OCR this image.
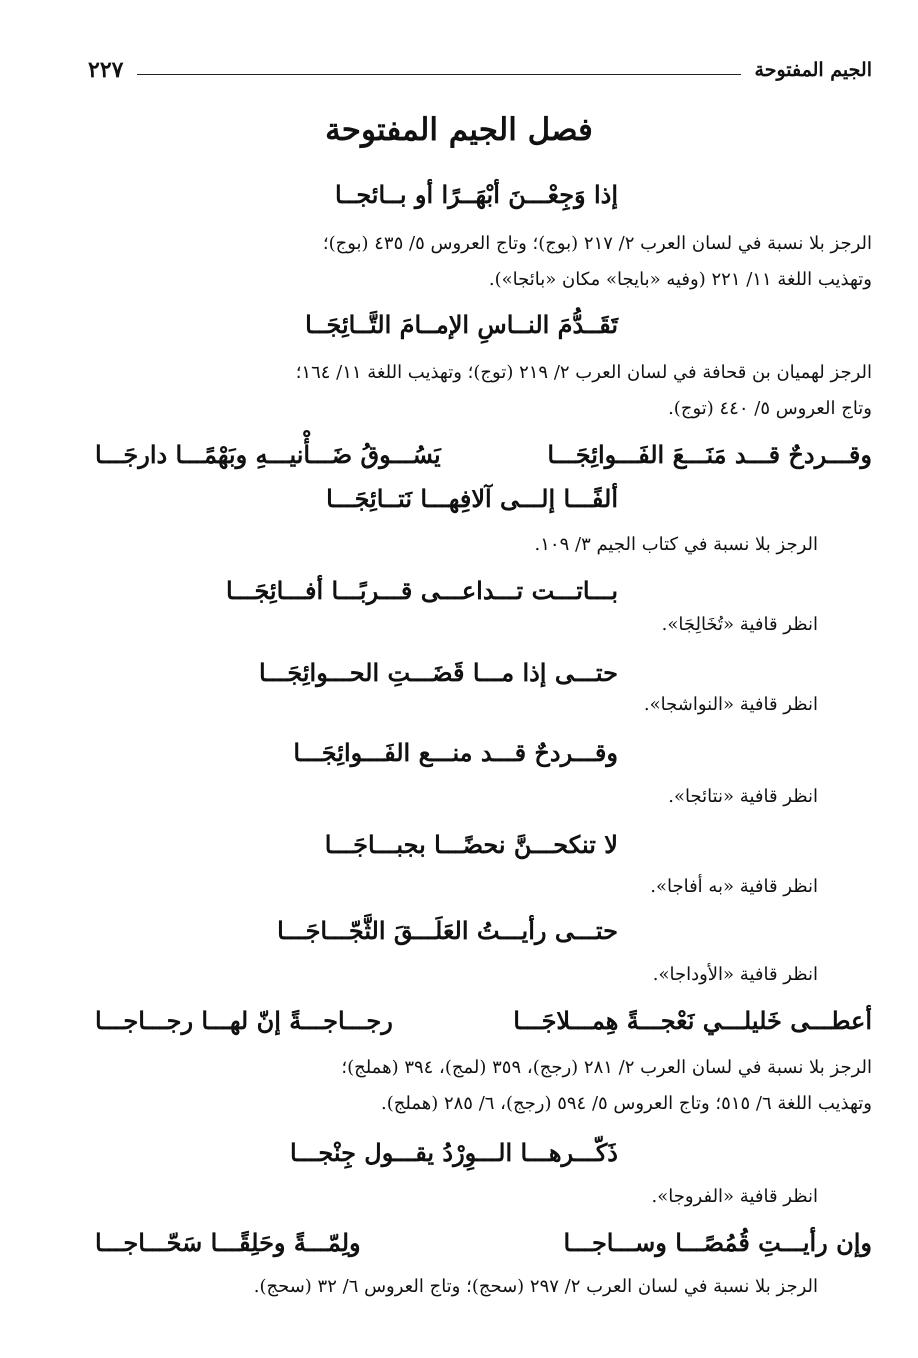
الجيم المفتوحة
٢٢٧
فصل الجيم المفتوحة
إذا وَجِعْـــنَ أبْهَــرًا أو بــائجــا
الرجز بلا نسبة في لسان العرب ٢/ ٢١٧ (بوج)؛ وتاج العروس ٥/ ٤٣٥ (بوج)؛
وتهذيب اللغة ١١/ ٢٢١ (وفيه «بايجا» مكان «بائجا»).
تَقَــدُّمَ النــاسِ الإمــامَ التَّــائِجَــا
الرجز لهميان بن قحافة في لسان العرب ٢/ ٢١٩ (توج)؛ وتهذيب اللغة ١١/ ١٦٤؛
وتاج العروس ٥/ ٤٤٠ (توج).
وقـــردحٌ قـــد مَنَـــعَ الفَـــوائِجَـــا
يَسُـــوقُ ضَـــأْنيـــهِ وبَهْمًـــا دارجَـــا
ألفًـــا إلـــى آلافِهـــا نَتــائِجَـــا
الرجز بلا نسبة في كتاب الجيم ٣/ ١٠٩.
بـــاتـــت تـــداعـــى قـــربًـــا أفـــائِجَـــا
انظر قافية «تُخَالِجَا».
حتـــى إذا مـــا قَضَـــتِ الحـــوائِجَـــا
انظر قافية «النواشجا».
وقـــردحٌ قـــد منـــع الفَـــوائِجَـــا
انظر قافية «نتائجا».
لا تنكحـــنَّ نحضًـــا بجبـــاجَـــا
انظر قافية «به أفاجا».
حتـــى رأيـــتُ العَلَـــقَ الثَّجّـــاجَـــا
انظر قافية «الأوداجا».
أعطـــى خَليلـــي نَعْجـــةً هِمـــلاجَـــا
رجـــاجـــةً إنّ لهـــا رجـــاجـــا
الرجز بلا نسبة في لسان العرب ٢/ ٢٨١ (رجج)، ٣٥٩ (لمج)، ٣٩٤ (هملج)؛
وتهذيب اللغة ٦/ ٥١٥؛ وتاج العروس ٥/ ٥٩٤ (رجج)، ٦/ ٢٨٥ (هملج).
ذَكّـــرهـــا الـــوِرْدُ يقـــول جِنْجـــا
انظر قافية «الفروجا».
وإن رأيـــتِ قُمُصًـــا وســـاجـــا
ولِمّـــةً وحَلِقًـــا سَحّـــاجـــا
الرجز بلا نسبة في لسان العرب ٢/ ٢٩٧ (سحج)؛ وتاج العروس ٦/ ٣٢ (سحج).
